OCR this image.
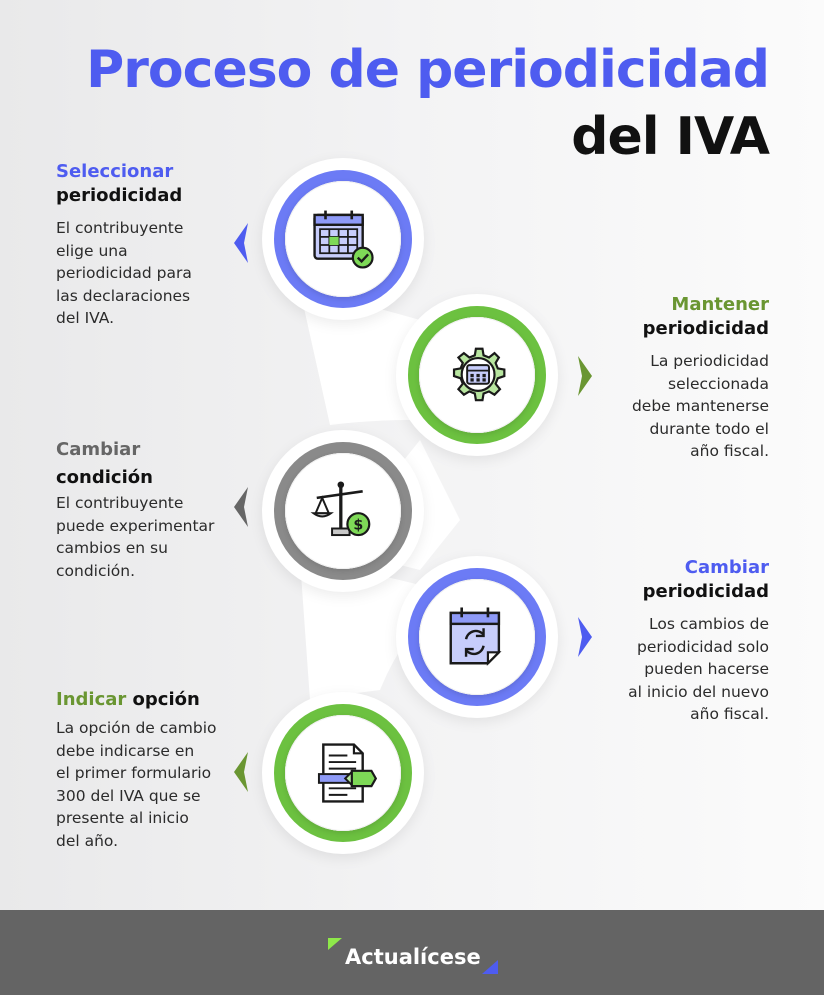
Proceso de periodicidad
del IVA
Seleccionar
periodicidad
El contribuyente
elige una
periodicidad para
las declaraciones
del IVA.
Mantener
periodicidad
La periodicidad
seleccionada
debe mantenerse
durante todo el
año fiscal.
$
Cambiar
condición
El contribuyente
puede experimentar
cambios en su
condición.	Cambiar
periodicidad
Los cambios de
periodicidad solo
pueden hacerse
al inicio del nuevo
año fiscal.
Indicar opción
La opción de cambio
debe indicarse en
el primer formulario
300 del IVA que se
presente al inicio
del año.
Actualícese
